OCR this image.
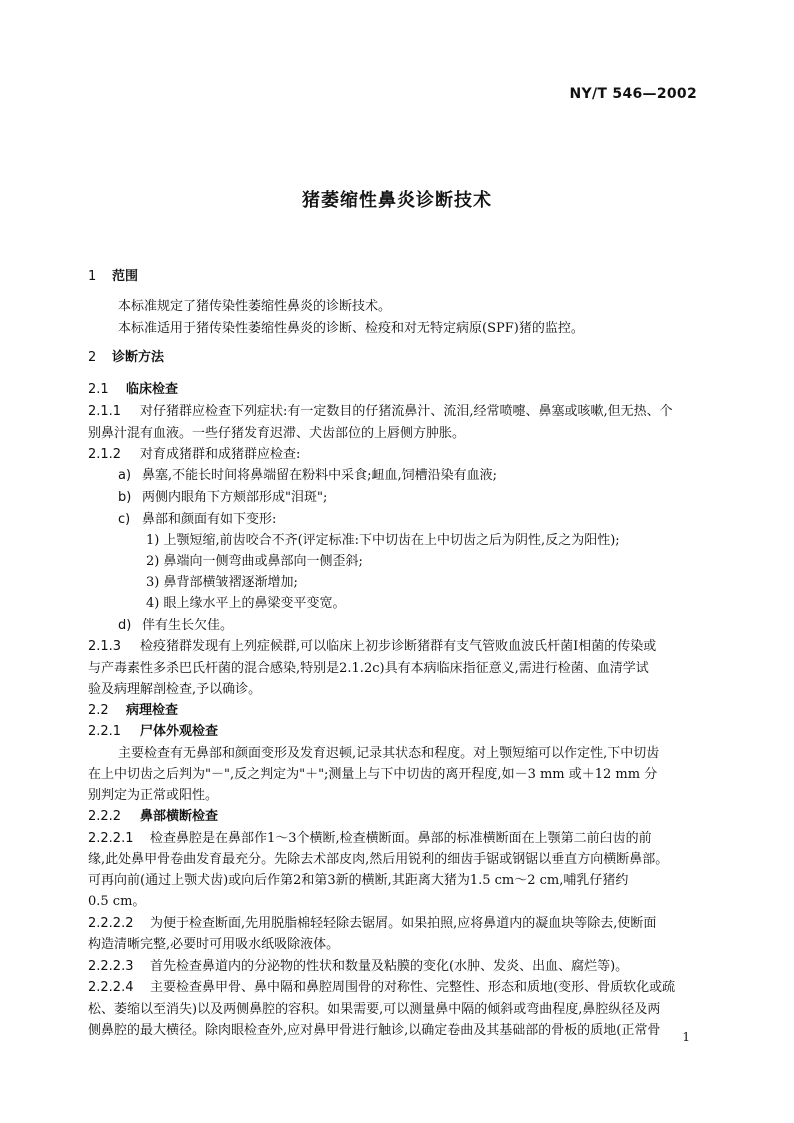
NY/T 546—2002
猪萎缩性鼻炎诊断技术
1 范围
本标准规定了猪传染性萎缩性鼻炎的诊断技术。
本标准适用于猪传染性萎缩性鼻炎的诊断、检疫和对无特定病原(SPF)猪的监控。
2 诊断方法
2.1 临床检查
2.1.1 对仔猪群应检查下列症状:有一定数目的仔猪流鼻汁、流泪,经常喷嚏、鼻塞或咳嗽,但无热、个
别鼻汁混有血液。一些仔猪发育迟滞、犬齿部位的上唇侧方肿胀。
2.1.2 对育成猪群和成猪群应检查:
a) 鼻塞,不能长时间将鼻端留在粉料中采食;衄血,饲槽沿染有血液;
b) 两侧内眼角下方颊部形成"泪斑";
c) 鼻部和颜面有如下变形:
1) 上颚短缩,前齿咬合不齐(评定标准:下中切齿在上中切齿之后为阴性,反之为阳性);
2) 鼻端向一侧弯曲或鼻部向一侧歪斜;
3) 鼻背部横皱褶逐渐增加;
4) 眼上缘水平上的鼻梁变平变宽。
d) 伴有生长欠佳。
2.1.3 检疫猪群发现有上列症候群,可以临床上初步诊断猪群有支气管败血波氏杆菌Ⅰ相菌的传染或
与产毒素性多杀巴氏杆菌的混合感染,特别是2.1.2c)具有本病临床指征意义,需进行检菌、血清学试
验及病理解剖检查,予以确诊。
2.2 病理检查
2.2.1 尸体外观检查
主要检查有无鼻部和颜面变形及发育迟顿,记录其状态和程度。对上颚短缩可以作定性,下中切齿
在上中切齿之后判为"－",反之判定为"＋";测量上与下中切齿的离开程度,如－3 mm 或＋12 mm 分
别判定为正常或阳性。
2.2.2 鼻部横断检查
2.2.2.1 检查鼻腔是在鼻部作1～3个横断,检查横断面。鼻部的标准横断面在上颚第二前臼齿的前
缘,此处鼻甲骨卷曲发育最充分。先除去术部皮肉,然后用锐利的细齿手锯或钢锯以垂直方向横断鼻部。
可再向前(通过上颚犬齿)或向后作第2和第3新的横断,其距离大猪为1.5 cm～2 cm,哺乳仔猪约
0.5 cm。
2.2.2.2 为便于检查断面,先用脱脂棉轻轻除去锯屑。如果拍照,应将鼻道内的凝血块等除去,使断面
构造清晰完整,必要时可用吸水纸吸除液体。
2.2.2.3 首先检查鼻道内的分泌物的性状和数量及粘膜的变化(水肿、发炎、出血、腐烂等)。
2.2.2.4 主要检查鼻甲骨、鼻中隔和鼻腔周围骨的对称性、完整性、形态和质地(变形、骨质软化或疏
松、萎缩以至消失)以及两侧鼻腔的容积。如果需要,可以测量鼻中隔的倾斜或弯曲程度,鼻腔纵径及两
侧鼻腔的最大横径。除肉眼检查外,应对鼻甲骨进行触诊,以确定卷曲及其基础部的骨板的质地(正常骨	1
